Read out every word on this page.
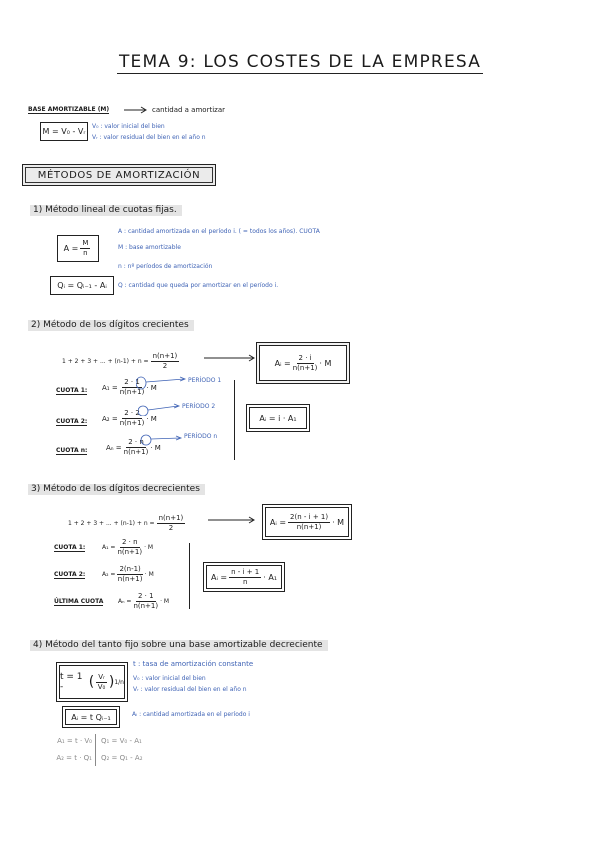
TEMA 9: LOS COSTES DE LA EMPRESA
BASE AMORTIZABLE (M)	cantidad a amortizar
M = V₀ - Vᵣ
V₀ : valor inicial del bien
Vᵣ : valor residual del bien en el año n
MÉTODOS DE AMORTIZACIÓN
1) Método lineal de cuotas fijas.
$A = \frac{M}{n}$
Qᵢ = Qᵢ₋₁ - Aᵢ
A : cantidad amortizada en el período i. ( = todos los años). CUOTA
M : base amortizable
n : nº períodos de amortización
Q : cantidad que queda por amortizar en el período i.
2) Método de los dígitos crecientes
1 + 2 + 3 + ... + $(n-1) + n = \frac{n(n+1)}{2}$	Aᵢ = $\frac{2 \cdot i}{n(n+1)} \cdot M$
CUOTA 1: $A_1 = \frac{2 \cdot 1}{n(n+1)} \cdot M$
PERÍODO 1
CUOTA 2: $A_2 = \frac{2 \cdot 2}{n(n+1)} \cdot M$
PERÍODO 2
CUOTA n:	$A_n = \frac{2 \cdot n}{n(n+1)} \cdot M$
PERÍODO n
Aᵢ = i · A₁
3) Método de los dígitos decrecientes
1 + 2 + 3 + ... + $(n-1) + n = \frac{n(n+1)}{2}$	Aᵢ = $\frac{2(n - i + 1)}{n(n+1)} \cdot M$
CUOTA 1:	$A_1 = \frac{2 \cdot n}{n(n+1)} \cdot M$
CUOTA 2:	$A_2 = \frac{2(n-1)}{n(n+1)} \cdot M$
ÚLTIMA CUOTA $A_n = \frac{2 \cdot 1}{n(n+1)} \cdot M$
Aᵢ = $\frac{n - i + 1}{n} \cdot A_1$
4) Método del tanto fijo sobre una base amortizable decreciente
t = 1 -	( $\frac{\text{Vᵣ}}{\text{V₀}}$ ) 1/n
Aᵢ = t Qᵢ₋₁
t : tasa de amortización constante
V₀ : valor inicial del bien
Vᵣ : valor residual del bien en el año n
Aᵢ : cantidad amortizada en el período i
A₁ = t · V₀ Q₁ = V₀ - A₁
A₂ = t · Q₁ Q₂ = Q₁ - A₂
